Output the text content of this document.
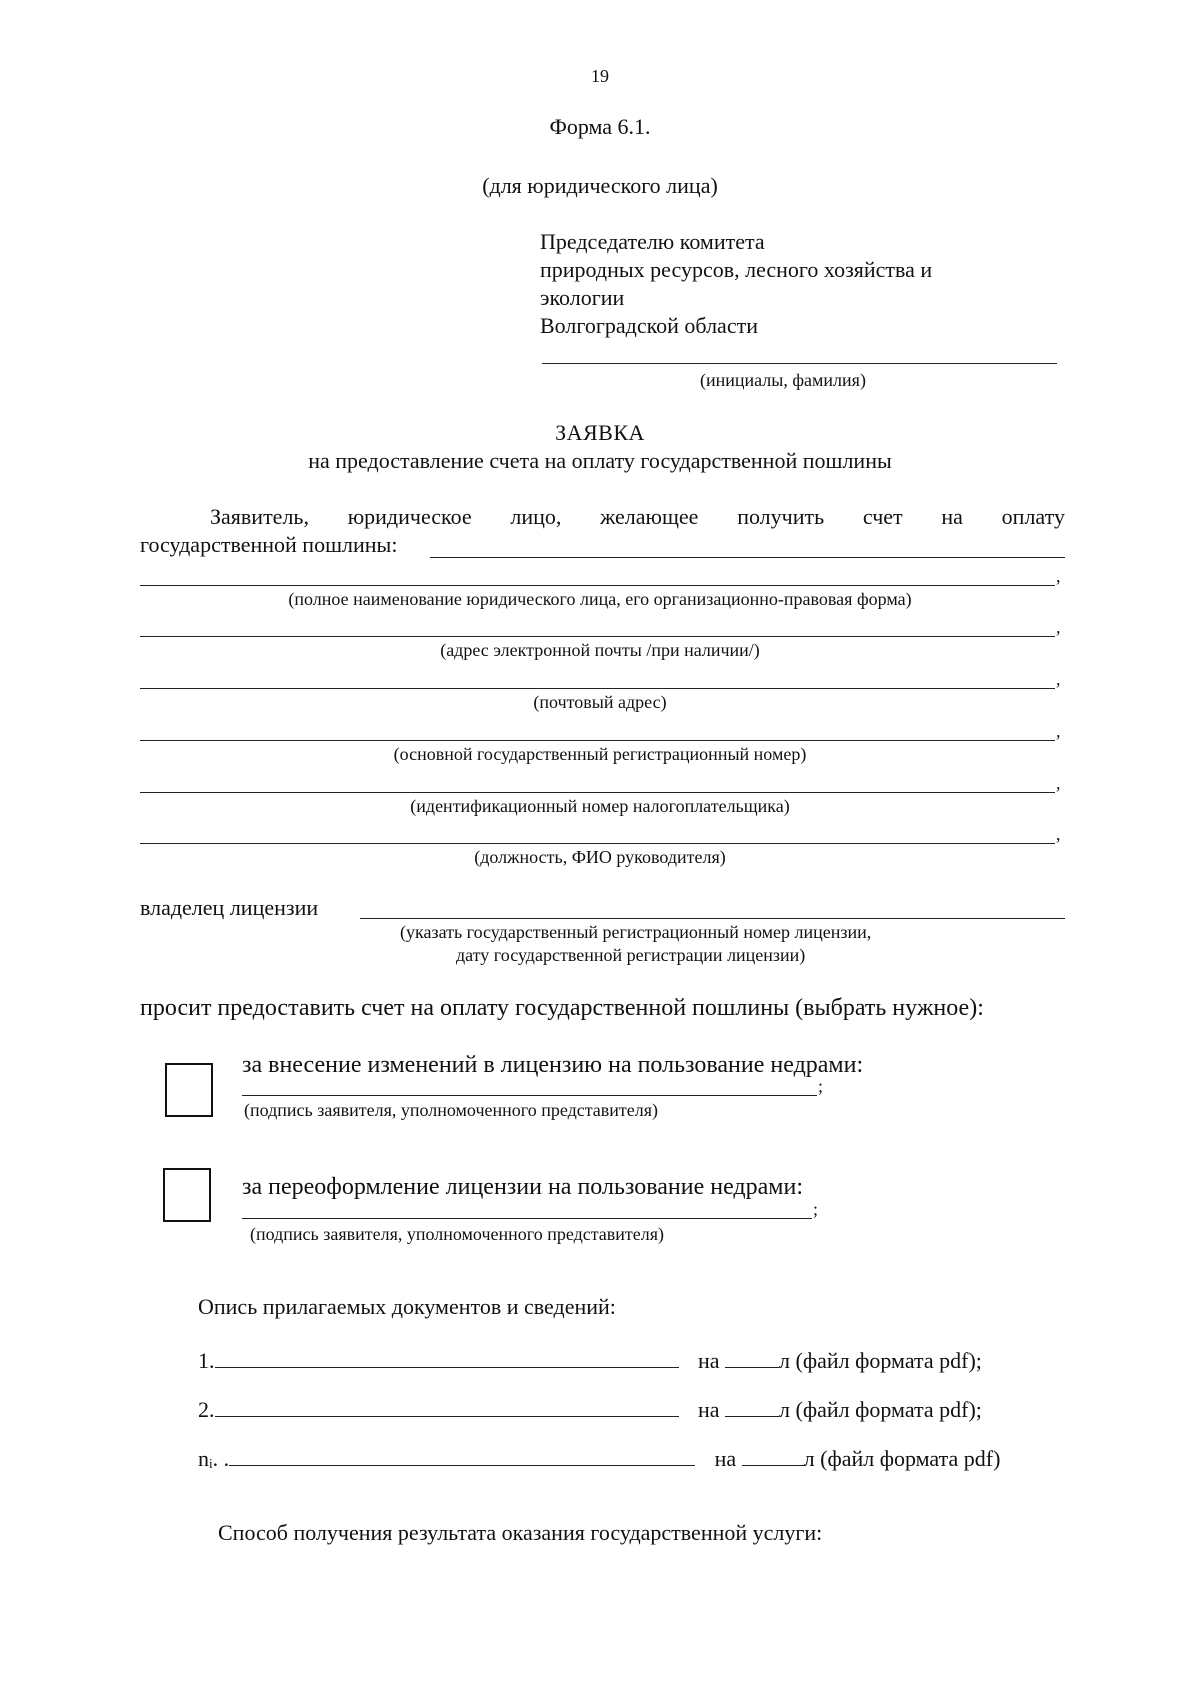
19
Форма 6.1.
(для юридического лица)
Председателю комитета
природных ресурсов, лесного хозяйства и
экологии
Волгоградской области
(инициалы, фамилия)
ЗАЯВКА
на предоставление счета на оплату государственной пошлины
Заявитель, юридическое лицо, желающее получить счет на оплату
государственной пошлины:
,
(полное наименование юридического лица, его организационно-правовая форма)
,
(адрес электронной почты /при наличии/)
,
(почтовый адрес)
,
(основной государственный регистрационный номер)
,
(идентификационный номер налогоплательщика)
,
(должность, ФИО руководителя)
владелец лицензии
(указать государственный регистрационный номер лицензии,
дату государственной регистрации лицензии)
просит предоставить счет на оплату государственной пошлины (выбрать нужное):
за внесение изменений в лицензию на пользование недрами:
;
(подпись заявителя, уполномоченного представителя)
за переоформление лицензии на пользование недрами:
;
(подпись заявителя, уполномоченного представителя)
Опись прилагаемых документов и сведений:
1.	на	л (файл формата pdf);
2.	на	л (файл формата pdf);
nᵢ. .	на	л (файл формата pdf)
Способ получения результата оказания государственной услуги:
